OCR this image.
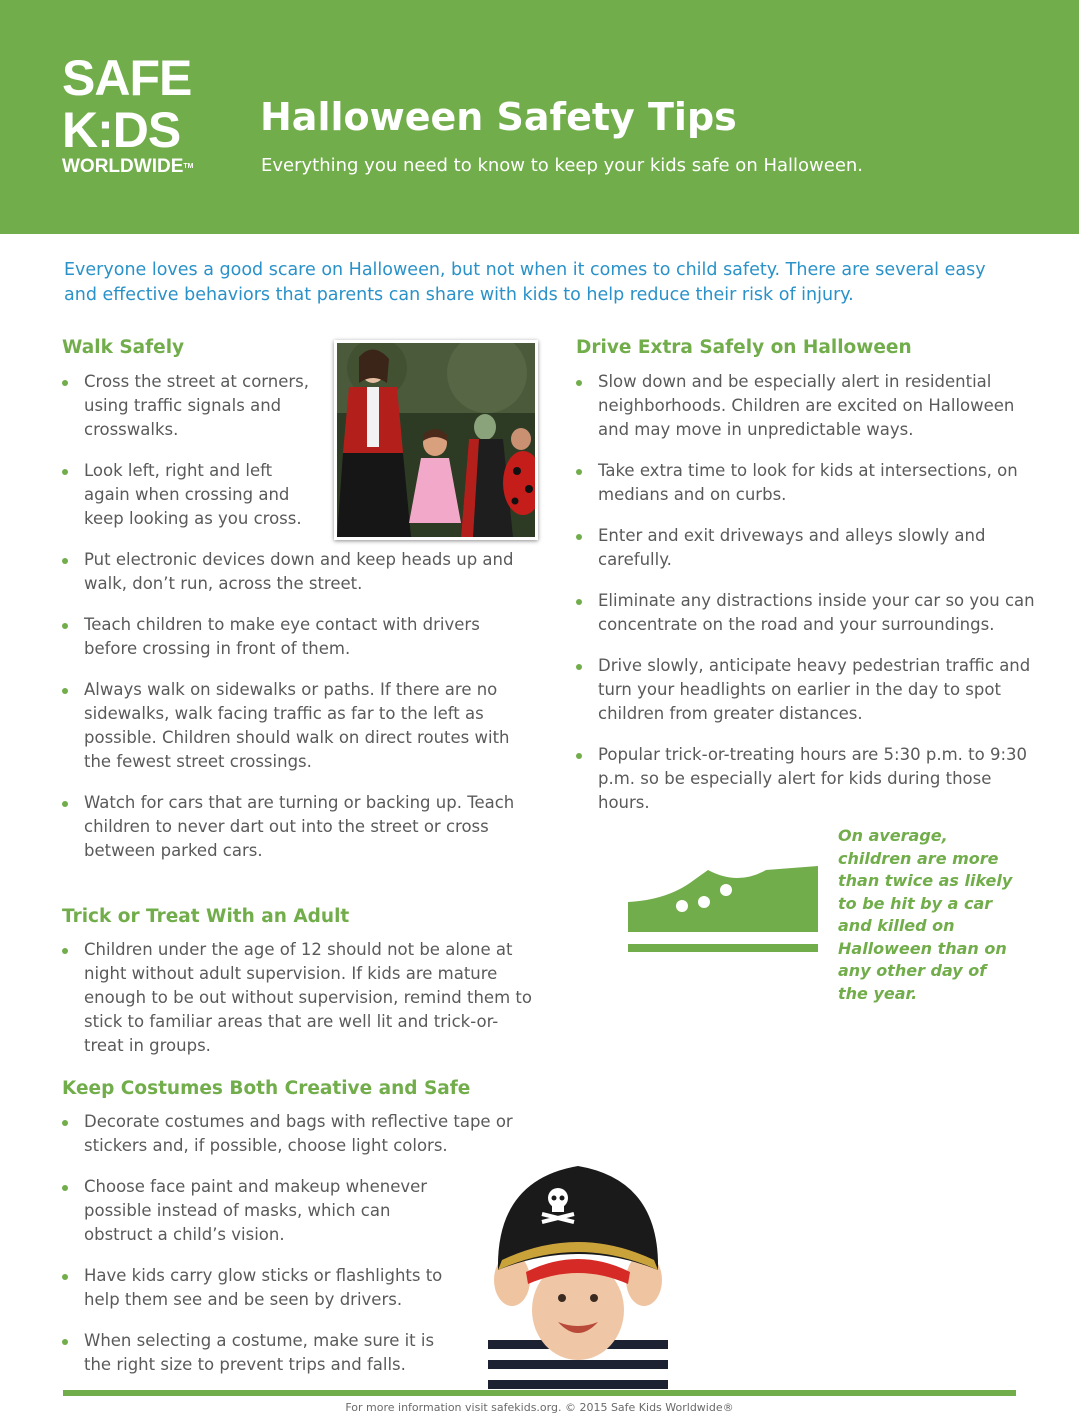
SAFE
K:DS
WORLDWIDETM
Halloween Safety Tips

Everything you need to know to keep your kids safe on Halloween.

Everyone loves a good scare on Halloween, but not when it comes to child safety. There are several easy and effective behaviors that parents can share with kids to help reduce their risk of injury.

Walk Safely
Cross the street at corners, using traffic signals and crosswalks.
Look left, right and left again when crossing and keep looking as you cross.
Put electronic devices down and keep heads up and walk, don’t run, across the street.
Teach children to make eye contact with drivers before crossing in front of them.
Always walk on sidewalks or paths. If there are no sidewalks, walk facing traffic as far to the left as possible. Children should walk on direct routes with the fewest street crossings.
Watch for cars that are turning or backing up. Teach children to never dart out into the street or cross between parked cars.
Trick or Treat With an Adult
Children under the age of 12 should not be alone at night without adult supervision. If kids are mature enough to be out without supervision, remind them to stick to familiar areas that are well lit and trick-or-treat in groups.
Keep Costumes Both Creative and Safe
Decorate costumes and bags with reflective tape or stickers and, if possible, choose light colors.
Choose face paint and makeup whenever possible instead of masks, which can obstruct a child’s vision.
Have kids carry glow sticks or flashlights to help them see and be seen by drivers.
When selecting a costume, make sure it is the right size to prevent trips and falls.
Drive Extra Safely on Halloween
Slow down and be especially alert in residential neighborhoods. Children are excited on Halloween and may move in unpredictable ways.
Take extra time to look for kids at intersections, on medians and on curbs.
Enter and exit driveways and alleys slowly and carefully.
Eliminate any distractions inside your car so you can concentrate on the road and your surroundings.
Drive slowly, anticipate heavy pedestrian traffic and turn your headlights on earlier in the day to spot children from greater distances.
Popular trick-or-treating hours are 5:30 p.m. to 9:30 p.m. so be especially alert for kids during those hours.

On average, children are more than twice as likely to be hit by a car and killed on Halloween than on any other day of the year.

For more information visit safekids.org. © 2015 Safe Kids Worldwide®
